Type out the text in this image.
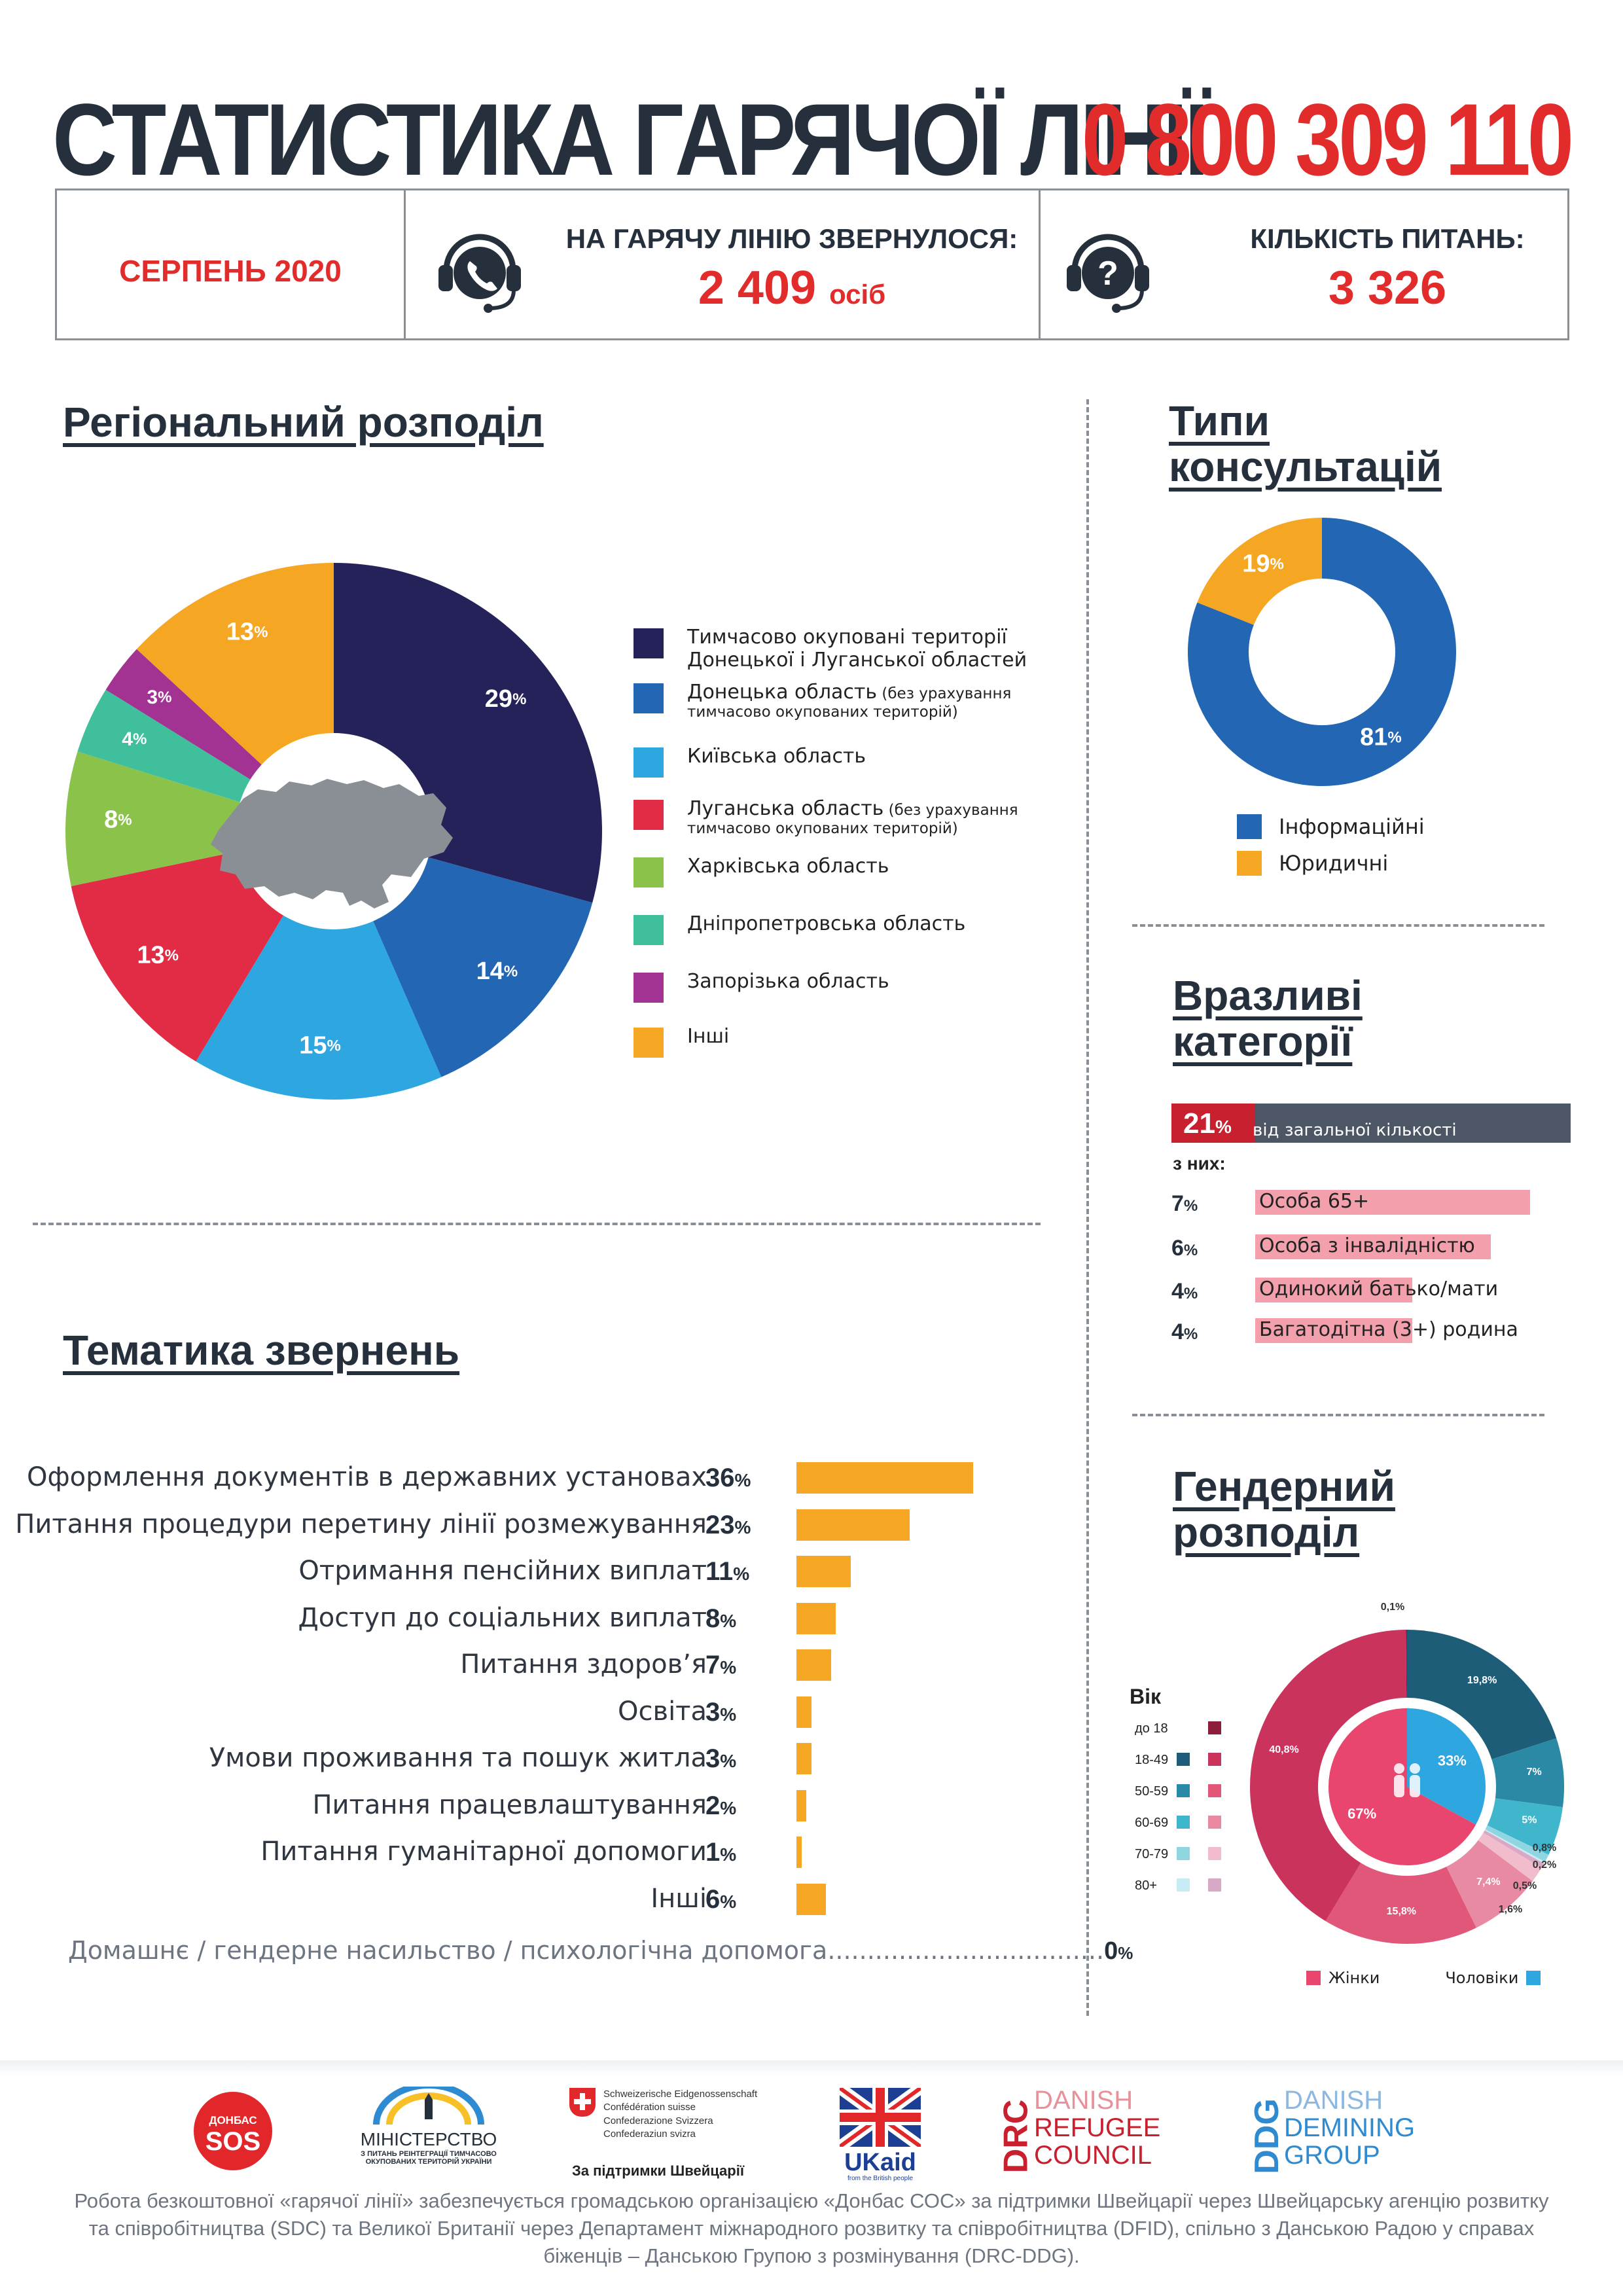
СТАТИСТИКА ГАРЯЧОЇ ЛІНІЇ
0 800 309 110
СЕРПЕНЬ 2020
НА ГАРЯЧУ ЛІНІЮ ЗВЕРНУЛОСЯ:
2 409 осіб
?
КІЛЬКІСТЬ ПИТАНЬ:
3 326
Регіональний розподіл
29%
14%
15%
13%
8%
4%
3%
13%	Тимчасово окуповані території
Донецької і Луганської областей
Донецька область (без урахування
тимчасово окупованих територій)
Київська область
Луганська область (без урахування
тимчасово окупованих територій)
Харківська область
Дніпропетровська область
Запорізька область
Інші
Типи
консультацій
81%
19%
Інформаційні
Юридичні
Вразливі
категорії
21% від загальної кількості
з них:
7%	Особа 65+
6%	Особа з інвалідністю
4%	Одинокий батько/мати
4%	Багатодітна (3+) родина
Тематика звернень
Оформлення документів в державних установах
36%
Питання процедури перетину лінії розмежування
23%
Отримання пенсійних виплат
11%
Доступ до соціальних виплат
8%
Питання здоров’я
7%
Освіта
3%
Умови проживання та пошук житла
3%
Питання працевлаштування
2%
Питання гуманітарної допомоги
1%
Інші
6%
Домашнє / гендерне насильство / психологічна допомога...................................0%
Гендерний
розподіл
Вік
до 18
18-49
50-59
60-69
70-79
80+
33%
67%
19,8%
7%
5%
0,8%
0,2%
0,5%
1,6%
7,4%
15,8%
40,8%
0,1%
Жінки	Чоловіки
ДОНБАС
SOS	МІНІСТЕРСТВО
З ПИТАНЬ РЕІНТЕГРАЦІЇ ТИМЧАСОВО
ОКУПОВАНИХ ТЕРИТОРІЙ УКРАЇНИ
Schweizerische Eidgenossenschaft
Confédération suisse
Confederazione Svizzera
Confederaziun svizra
За підтримки Швейцарії	UKaid
from the British people
DRC
DANISH
REFUGEE
COUNCIL	DDG
DANISH
DEMINING
GROUP
Робота безкоштовної «гарячої лінії» забезпечується громадською організацією «Донбас СОС» за підтримки Швейцарії через Швейцарську агенцію розвитку та співробітництва (SDC) та Великої Британії через Департамент міжнародного розвитку та співробітництва (DFID), спільно з Данською Радою у справах біженців – Данською Групою з розмінування (DRC-DDG).
